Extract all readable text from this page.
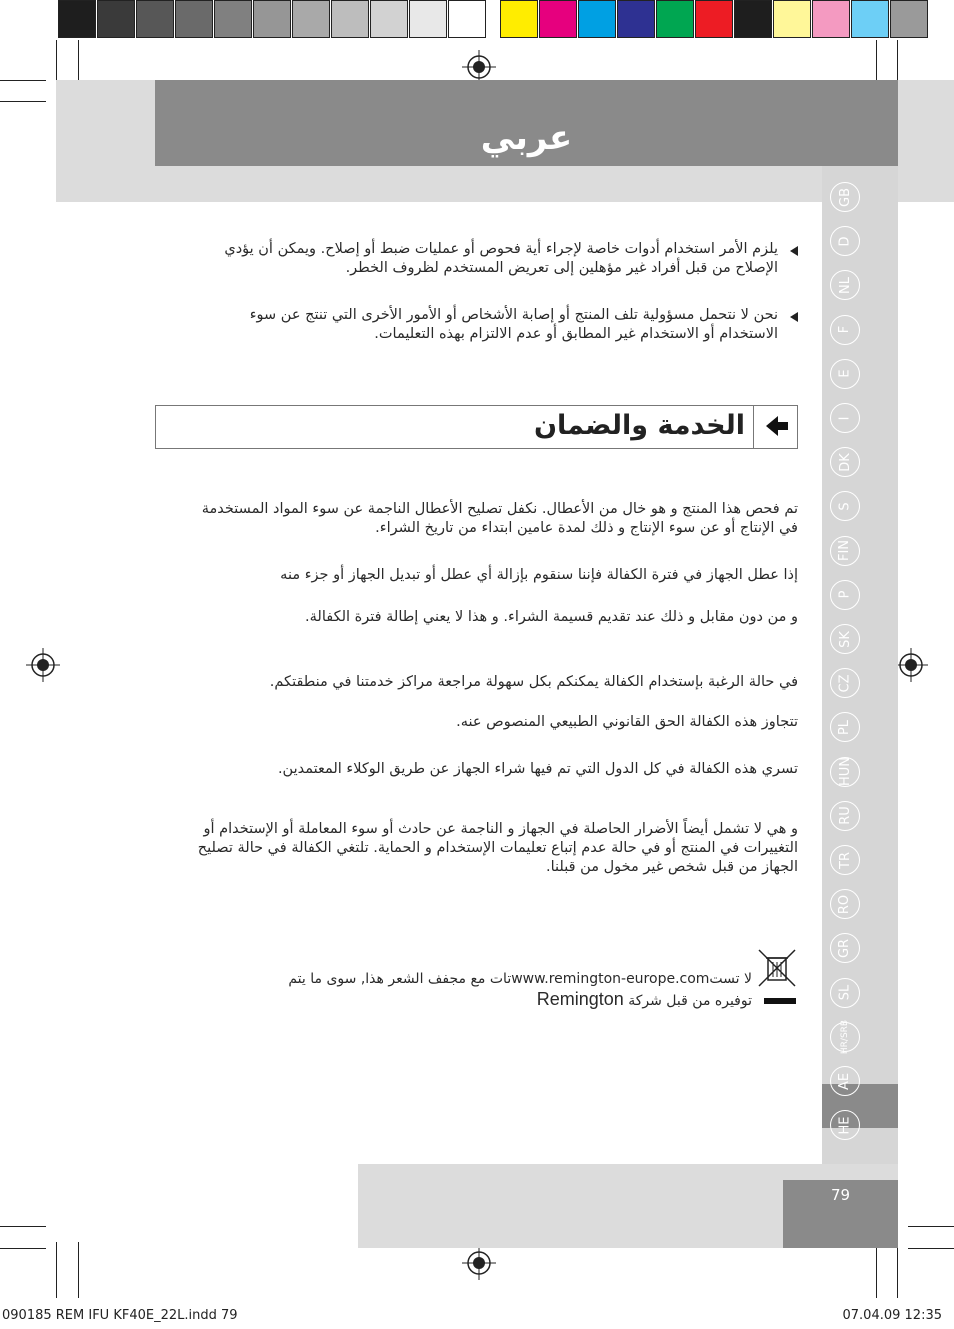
عربي
GB
D
NL
F
E
I
DK
S
FIN
P
SK
CZ
PL
HUN
RU
TR
RO
GR
SL
HR/SRB
AE
HE
يلزم الأمر استخدام أدوات خاصة لإجراء أية فحوص أو عمليات ضبط أو إصلاح. ويمكن أن يؤدي الإصلاح من قبل أفراد غير مؤهلين إلى تعريض المستخدم لظروف الخطر.
نحن لا نتحمل مسؤولية تلف المنتج أو إصابة الأشخاص أو الأمور الأخرى التي تنتج عن سوء الاستخدام أو الاستخدام غير المطابق أو عدم الالتزام بهذه التعليمات.
الخدمة والضمان
تم فحص هذا المنتج و هو خال من الأعطال. نكفل تصليح الأعطال الناجمة عن سوء المواد المستخدمة في الإنتاج أو عن سوء الإنتاج و ذلك لمدة عامين ابتداء من تاريخ الشراء.
إذا عطل الجهاز في فترة الكفالة فإننا سنقوم بإزالة أي عطل أو تبديل الجهاز أو جزء منه
و من دون مقابل و ذلك عند تقديم قسيمة الشراء. و هذا لا يعني إطالة فترة الكفالة.
في حالة الرغبة بإستخدام الكفالة يمكنكم بكل سهولة مراجعة مراكز خدمتنا في منطقتكم.
تتجاوز هذه الكفالة الحق القانوني الطبيعي المنصوص عنه.
تسري هذه الكفالة في كل الدول التي تم فيها شراء الجهاز عن طريق الوكلاء المعتمدين.
و هي لا تشمل أيضاً الأضرار الحاصلة في الجهاز و الناجمة عن حادث أو سوء المعاملة أو الإستخدام أو التغييرات في المنتج أو في حالة عدم إتباع تعليمات الإستخدام و الحماية. تلتغي الكفالة في حالة تصليح الجهاز من قبل شخص غير مخول من قبلنا.
لا تستwww.remington-europe.comتات مع مجفف الشعر هذا, سوى ما يتم
توفيره من قبل شركة Remington
79
090185 REM IFU KF40E_22L.indd 79	07.04.09 12:35
